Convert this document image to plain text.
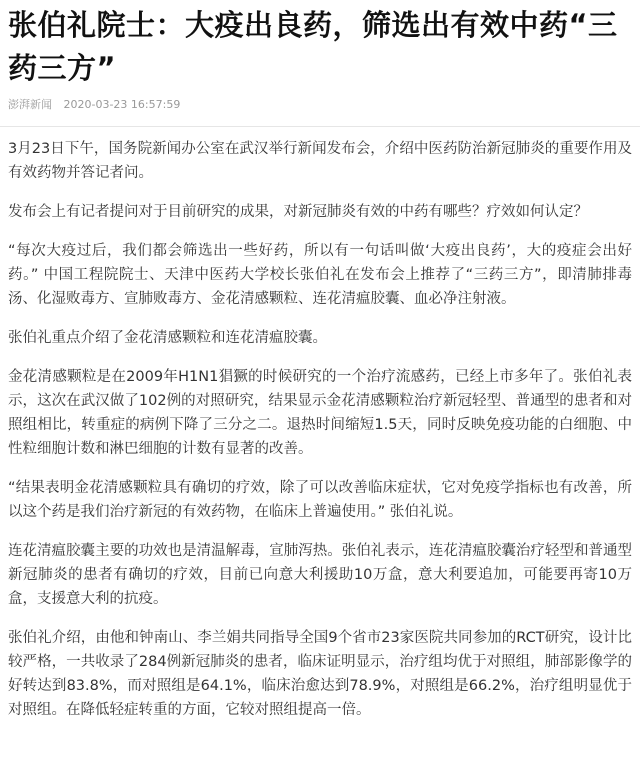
张伯礼院士：大疫出良药，筛选出有效中药“三药三方”
澎湃新闻 2020-03-23 16:57:59

3月23日下午，国务院新闻办公室在武汉举行新闻发布会，介绍中医药防治新冠肺炎的重要作用及有效药物并答记者问。

发布会上有记者提问对于目前研究的成果，对新冠肺炎有效的中药有哪些？疗效如何认定？

“每次大疫过后，我们都会筛选出一些好药，所以有一句话叫做‘大疫出良药’，大的疫症会出好药。” 中国工程院院士、天津中医药大学校长张伯礼在发布会上推荐了“三药三方”，即清肺排毒汤、化湿败毒方、宣肺败毒方、金花清感颗粒、连花清瘟胶囊、血必净注射液。

张伯礼重点介绍了金花清感颗粒和连花清瘟胶囊。

金花清感颗粒是在2009年H1N1猖獗的时候研究的一个治疗流感药，已经上市多年了。张伯礼表示，这次在武汉做了102例的对照研究，结果显示金花清感颗粒治疗新冠轻型、普通型的患者和对照组相比，转重症的病例下降了三分之二。退热时间缩短1.5天，同时反映免疫功能的白细胞、中性粒细胞计数和淋巴细胞的计数有显著的改善。

“结果表明金花清感颗粒具有确切的疗效，除了可以改善临床症状，它对免疫学指标也有改善，所以这个药是我们治疗新冠的有效药物，在临床上普遍使用。” 张伯礼说。

连花清瘟胶囊主要的功效也是清温解毒，宣肺泻热。张伯礼表示，连花清瘟胶囊治疗轻型和普通型新冠肺炎的患者有确切的疗效，目前已向意大利援助10万盒，意大利要追加，可能要再寄10万盒，支援意大利的抗疫。

张伯礼介绍，由他和钟南山、李兰娟共同指导全国9个省市23家医院共同参加的RCT研究，设计比较严格，一共收录了284例新冠肺炎的患者，临床证明显示，治疗组均优于对照组，肺部影像学的好转达到83.8%，而对照组是64.1%，临床治愈达到78.9%，对照组是66.2%，治疗组明显优于对照组。在降低轻症转重的方面，它较对照组提高一倍。
